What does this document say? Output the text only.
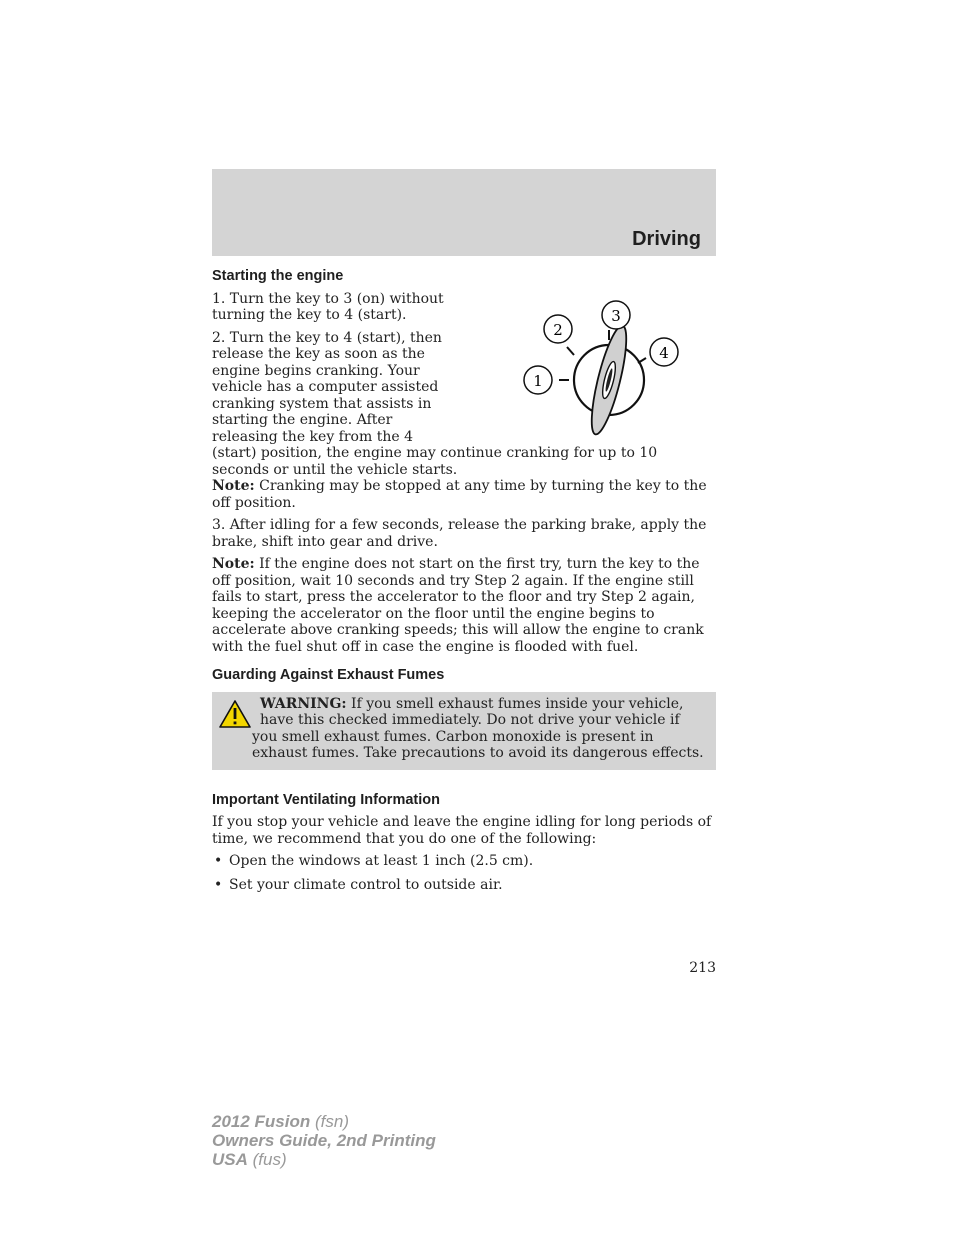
Driving
Starting the engine
1
2
3
4

1. Turn the key to 3 (on) without turning the key to 4 (start).

2. Turn the key to 4 (start), then release the key as soon as the engine begins cranking. Your vehicle has a computer assisted cranking system that assists in starting the engine. After releasing the key from the 4 (start) position, the engine may continue cranking for up to 10 seconds or until the vehicle starts.

Note: Cranking may be stopped at any time by turning the key to the off position.

3. After idling for a few seconds, release the parking brake, apply the brake, shift into gear and drive.

Note: If the engine does not start on the first try, turn the key to the off position, wait 10 seconds and try Step 2 again. If the engine still fails to start, press the accelerator to the floor and try Step 2 again, keeping the accelerator on the floor until the engine begins to accelerate above cranking speeds; this will allow the engine to crank with the fuel shut off in case the engine is flooded with fuel.

Guarding Against Exhaust Fumes
WARNING: If you smell exhaust fumes inside your vehicle, have this checked immediately. Do not drive your vehicle if you smell exhaust fumes. Carbon monoxide is present in exhaust fumes. Take precautions to avoid its dangerous effects.
Important Ventilating Information

If you stop your vehicle and leave the engine idling for long periods of time, we recommend that you do one of the following:

• Open the windows at least 1 inch (2.5 cm).
• Set your climate control to outside air.
213
2012 Fusion (fsn)
Owners Guide, 2nd Printing
USA (fus)
